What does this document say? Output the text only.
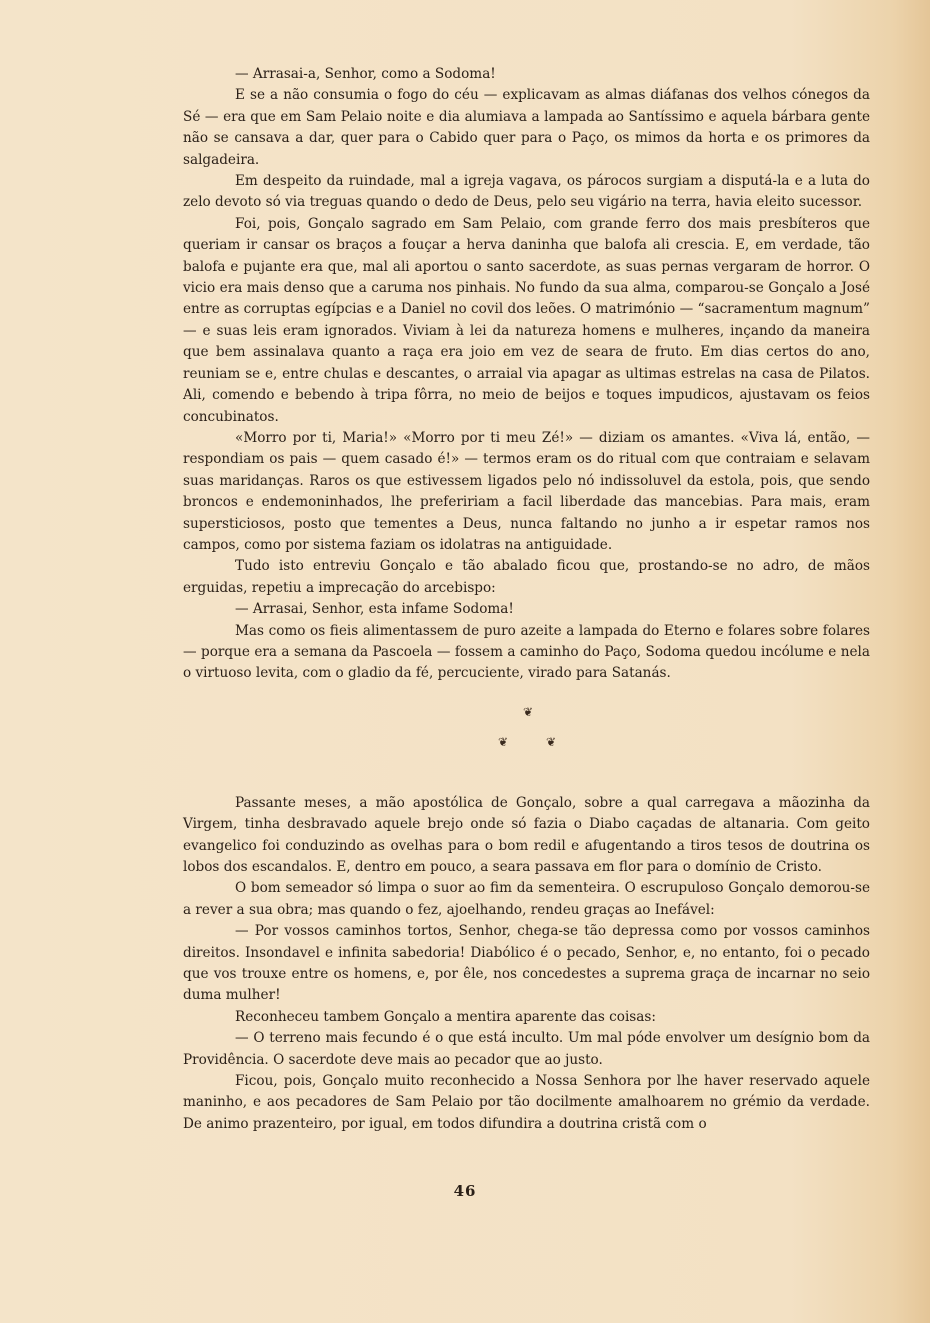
— Arrasai-a, Senhor, como a Sodoma!

E se a não consumia o fogo do céu — explicavam as almas diáfanas dos velhos cónegos da Sé — era que em Sam Pelaio noite e dia alumiava a lampada ao Santíssimo e aquela bárbara gente não se cansava a dar, quer para o Cabido quer para o Paço, os mimos da horta e os primores da salgadeira.

Em despeito da ruindade, mal a igreja vagava, os párocos surgiam a disputá-la e a luta do zelo devoto só via treguas quando o dedo de Deus, pelo seu vigário na terra, havia eleito sucessor.

Foi, pois, Gonçalo sagrado em Sam Pelaio, com grande ferro dos mais presbíteros que queriam ir cansar os braços a fouçar a herva daninha que balofa ali crescia. E, em verdade, tão balofa e pujante era que, mal ali aportou o santo sacerdote, as suas pernas vergaram de horror. O vicio era mais denso que a caruma nos pinhais. No fundo da sua alma, comparou-se Gonçalo a José entre as corruptas egípcias e a Daniel no covil dos leões. O matrimónio — “sacramentum magnum” — e suas leis eram ignorados. Viviam à lei da natureza homens e mulheres, inçando da maneira que bem assinalava quanto a raça era joio em vez de seara de fruto. Em dias certos do ano, reuniam se e, entre chulas e descantes, o arraial via apagar as ultimas estrelas na casa de Pilatos. Ali, comendo e bebendo à tripa fôrra, no meio de beijos e toques impudicos, ajustavam os feios concubinatos.

«Morro por ti, Maria!» «Morro por ti meu Zé!» — diziam os amantes. «Viva lá, então, — respondiam os pais — quem casado é!» — termos eram os do ritual com que contraiam e selavam suas maridanças. Raros os que estivessem ligados pelo nó indissoluvel da estola, pois, que sendo broncos e endemoninhados, lhe prefeririam a facil liberdade das mancebias. Para mais, eram supersticiosos, posto que tementes a Deus, nunca faltando no junho a ir espetar ramos nos campos, como por sistema faziam os idolatras na antiguidade.

Tudo isto entreviu Gonçalo e tão abalado ficou que, prostando-se no adro, de mãos erguidas, repetiu a imprecação do arcebispo:

— Arrasai, Senhor, esta infame Sodoma!

Mas como os fieis alimentassem de puro azeite a lampada do Eterno e folares sobre folares — porque era a semana da Pascoela — fossem a caminho do Paço, Sodoma quedou incólume e nela o virtuoso levita, com o gladio da fé, percuciente, virado para Satanás.

❦
❦	❦

Passante meses, a mão apostólica de Gonçalo, sobre a qual carregava a mãozinha da Virgem, tinha desbravado aquele brejo onde só fazia o Diabo caçadas de altanaria. Com geito evangelico foi conduzindo as ovelhas para o bom redil e afugentando a tiros tesos de doutrina os lobos dos escandalos. E, dentro em pouco, a seara passava em flor para o domínio de Cristo.

O bom semeador só limpa o suor ao fim da sementeira. O escrupuloso Gonçalo demorou-se a rever a sua obra; mas quando o fez, ajoelhando, rendeu graças ao Inefável:

— Por vossos caminhos tortos, Senhor, chega-se tão depressa como por vossos caminhos direitos. Insondavel e infinita sabedoria! Diabólico é o pecado, Senhor, e, no entanto, foi o pecado que vos trouxe entre os homens, e, por êle, nos concedestes a suprema graça de incarnar no seio duma mulher!

Reconheceu tambem Gonçalo a mentira aparente das coisas:

— O terreno mais fecundo é o que está inculto. Um mal póde envolver um desígnio bom da Providência. O sacerdote deve mais ao pecador que ao justo.

Ficou, pois, Gonçalo muito reconhecido a Nossa Senhora por lhe haver reservado aquele maninho, e aos pecadores de Sam Pelaio por tão docilmente amalhoarem no grémio da verdade. De animo prazenteiro, por igual, em todos difundira a doutrina cristã com o

46
